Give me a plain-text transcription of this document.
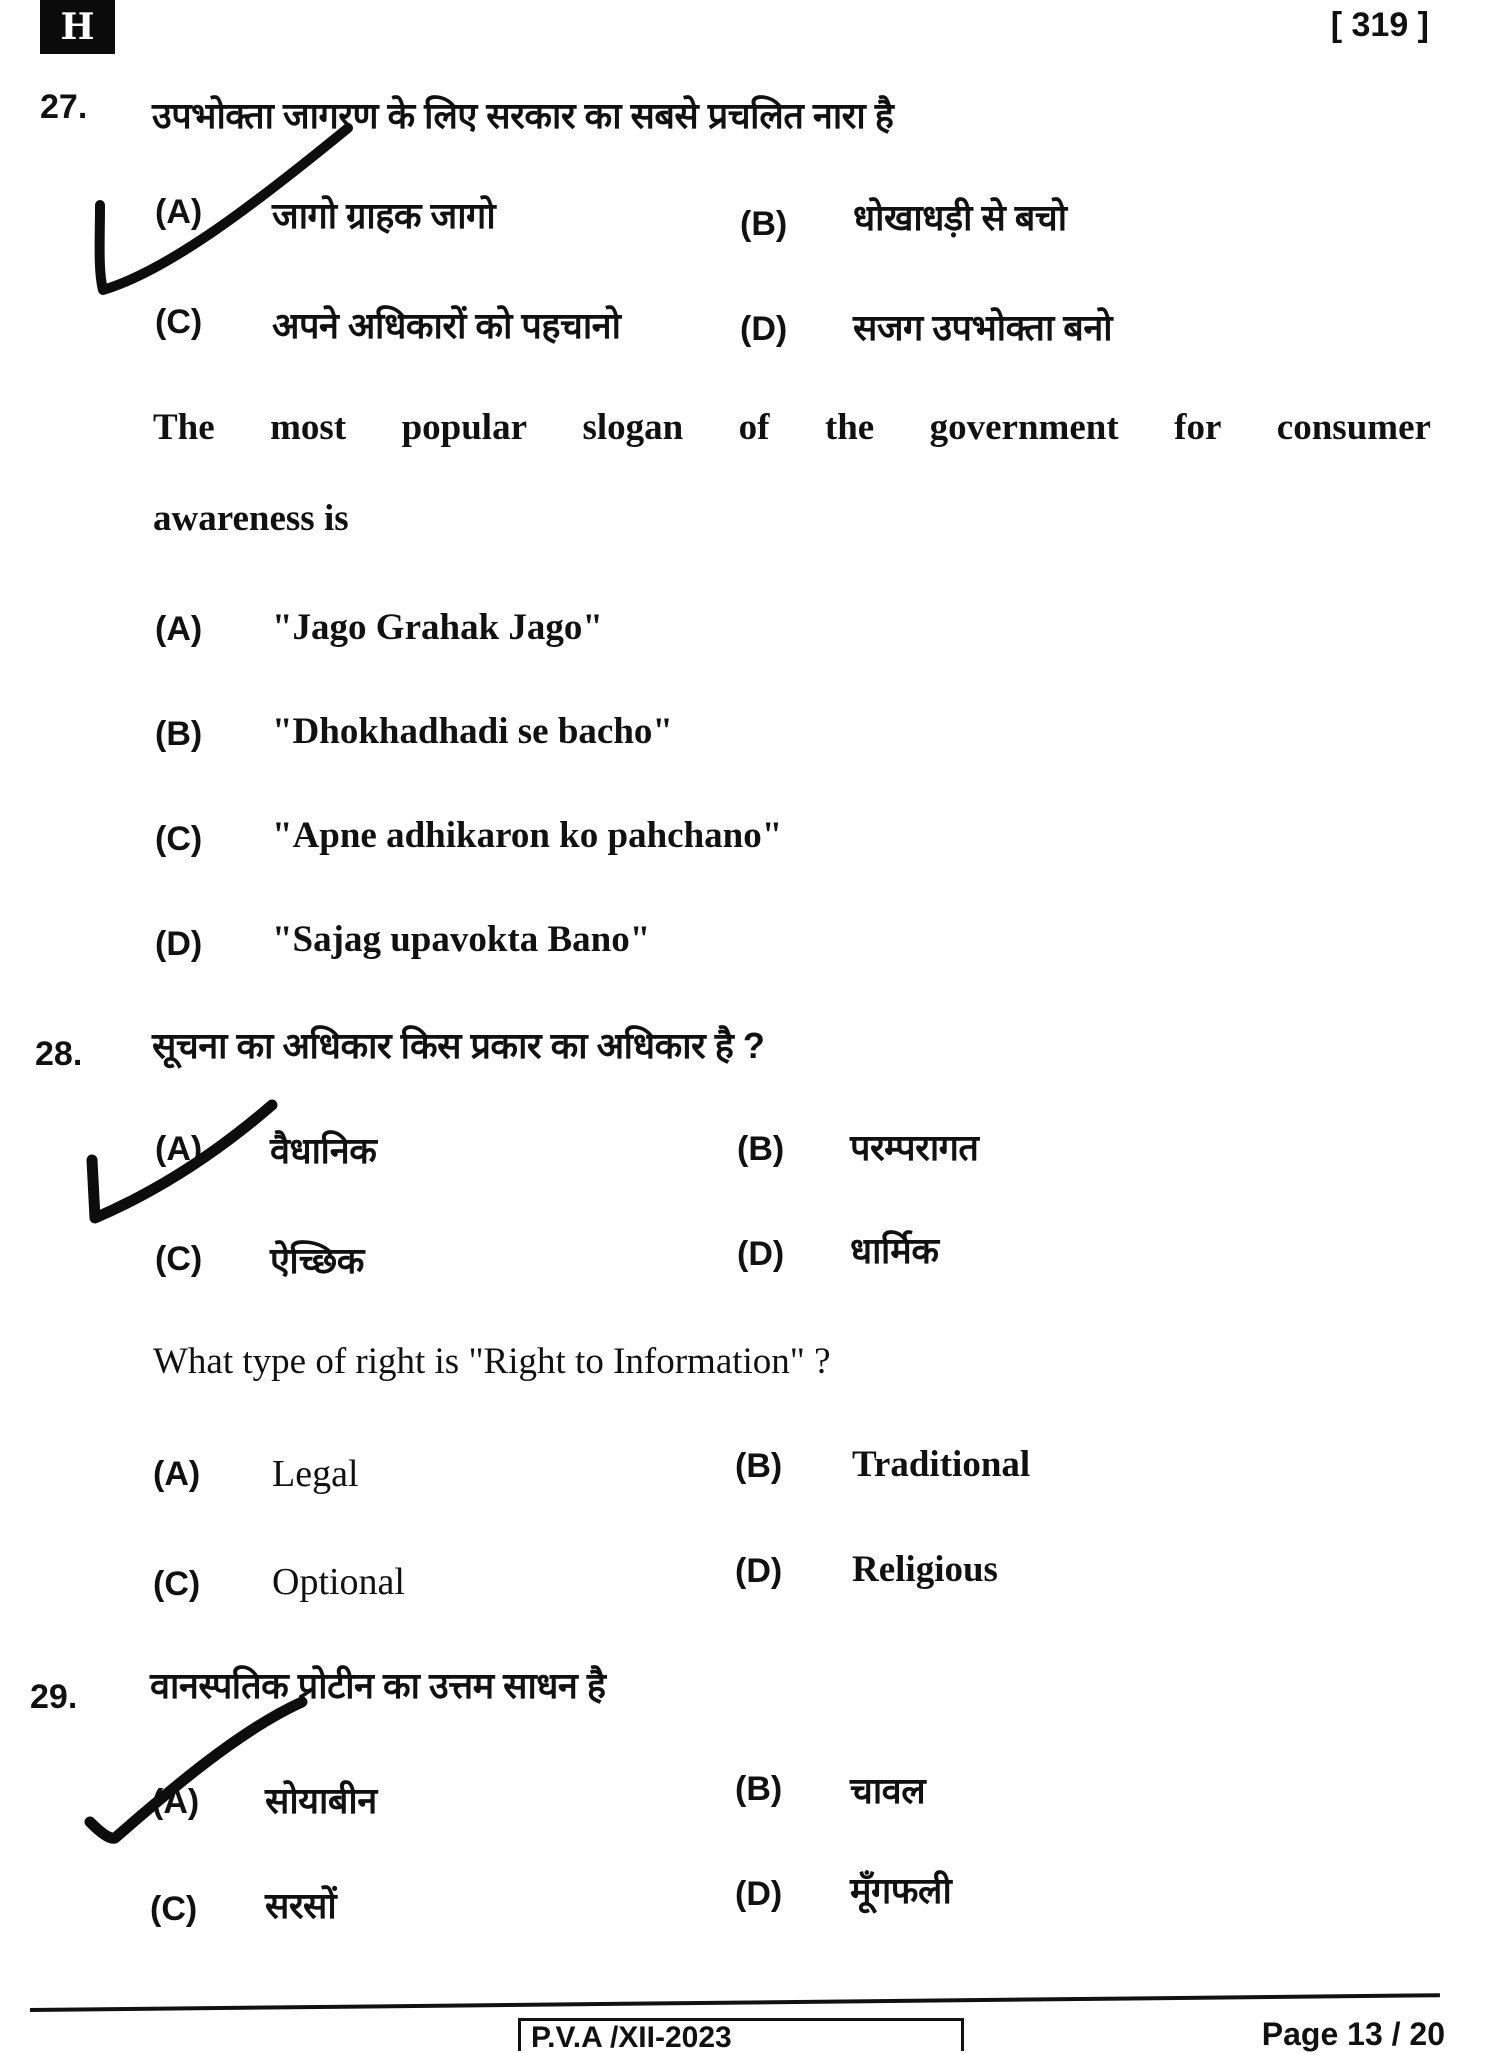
H	[ 319 ]
27. उपभोक्ता जागरण के लिए सरकार का सबसे प्रचलित नारा है
(A) जागो ग्राहक जागो	(B) धोखाधड़ी से बचो
(C) अपने अधिकारों को पहचानो	(D) सजग उपभोक्ता बनो
The most popular slogan of the government for consumer
awareness is
(A) "Jago Grahak Jago"
(B) "Dhokhadhadi se bacho"
(C) "Apne adhikaron ko pahchano"
(D) "Sajag upavokta Bano"
28. सूचना का अधिकार किस प्रकार का अधिकार है ?
(A) वैधानिक	(B) परम्परागत
(C) ऐच्छिक	(D) धार्मिक
What type of right is "Right to Information" ?
(A) Legal	(B) Traditional
(C) Optional	(D) Religious
29. वानस्पतिक प्रोटीन का उत्तम साधन है
(A) सोयाबीन	(B) चावल
(C) सरसों	(D) मूँगफली
P.V.A /XII-2023	Page 13 / 20
